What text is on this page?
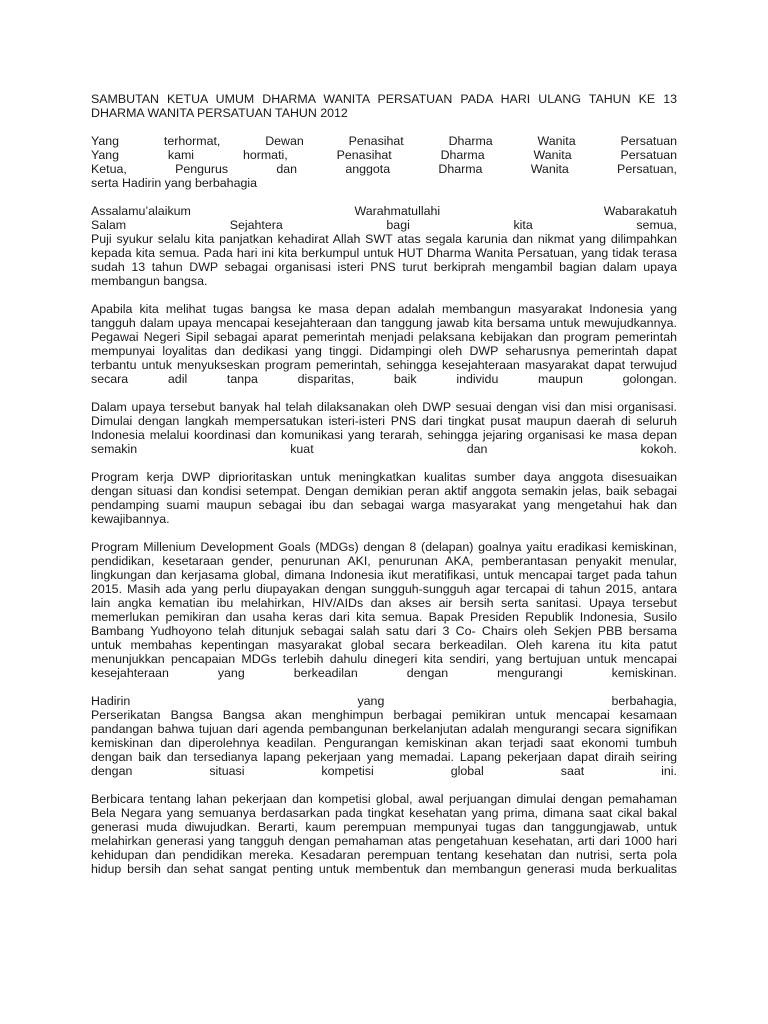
SAMBUTAN KETUA UMUM DHARMA WANITA PERSATUAN PADA HARI ULANG TAHUN KE 13
DHARMA WANITA PERSATUAN TAHUN 2012
Yang terhormat, Dewan Penasihat Dharma Wanita Persatuan
Yang kami hormati, Penasihat Dharma Wanita Persatuan
Ketua, Pengurus dan anggota Dharma Wanita Persatuan,
serta Hadirin yang berbahagia
Assalamu’alaikum Warahmatullahi Wabarakatuh
Salam Sejahtera bagi kita semua,
Puji syukur selalu kita panjatkan kehadirat Allah SWT atas segala karunia dan nikmat yang dilimpahkan
kepada kita semua. Pada hari ini kita berkumpul untuk HUT Dharma Wanita Persatuan, yang tidak terasa
sudah 13 tahun DWP sebagai organisasi isteri PNS turut berkiprah mengambil bagian dalam upaya
membangun bangsa.
Apabila kita melihat tugas bangsa ke masa depan adalah membangun masyarakat Indonesia yang
tangguh dalam upaya mencapai kesejahteraan dan tanggung jawab kita bersama untuk mewujudkannya.
Pegawai Negeri Sipil sebagai aparat pemerintah menjadi pelaksana kebijakan dan program pemerintah
mempunyai loyalitas dan dedikasi yang tinggi. Didampingi oleh DWP seharusnya pemerintah dapat
terbantu untuk menyukseskan program pemerintah, sehingga kesejahteraan masyarakat dapat terwujud
secara adil tanpa disparitas, baik individu maupun golongan.
Dalam upaya tersebut banyak hal telah dilaksanakan oleh DWP sesuai dengan visi dan misi organisasi.
Dimulai dengan langkah mempersatukan isteri-isteri PNS dari tingkat pusat maupun daerah di seluruh
Indonesia melalui koordinasi dan komunikasi yang terarah, sehingga jejaring organisasi ke masa depan
semakin kuat dan kokoh.
Program kerja DWP diprioritaskan untuk meningkatkan kualitas sumber daya anggota disesuaikan
dengan situasi dan kondisi setempat. Dengan demikian peran aktif anggota semakin jelas, baik sebagai
pendamping suami maupun sebagai ibu dan sebagai warga masyarakat yang mengetahui hak dan
kewajibannya.
Program Millenium Development Goals (MDGs) dengan 8 (delapan) goalnya yaitu eradikasi kemiskinan,
pendidikan, kesetaraan gender, penurunan AKI, penurunan AKA, pemberantasan penyakit menular,
lingkungan dan kerjasama global, dimana Indonesia ikut meratifikasi, untuk mencapai target pada tahun
2015. Masih ada yang perlu diupayakan dengan sungguh-sungguh agar tercapai di tahun 2015, antara
lain angka kematian ibu melahirkan, HIV/AIDs dan akses air bersih serta sanitasi. Upaya tersebut
memerlukan pemikiran dan usaha keras dari kita semua. Bapak Presiden Republik Indonesia, Susilo
Bambang Yudhoyono telah ditunjuk sebagai salah satu dari 3 Co- Chairs oleh Sekjen PBB bersama
untuk membahas kepentingan masyarakat global secara berkeadilan. Oleh karena itu kita patut
menunjukkan pencapaian MDGs terlebih dahulu dinegeri kita sendiri, yang bertujuan untuk mencapai
kesejahteraan yang berkeadilan dengan mengurangi kemiskinan.
Hadirin yang berbahagia,
Perserikatan Bangsa Bangsa akan menghimpun berbagai pemikiran untuk mencapai kesamaan
pandangan bahwa tujuan dari agenda pembangunan berkelanjutan adalah mengurangi secara signifikan
kemiskinan dan diperolehnya keadilan. Pengurangan kemiskinan akan terjadi saat ekonomi tumbuh
dengan baik dan tersedianya lapang pekerjaan yang memadai. Lapang pekerjaan dapat diraih seiring
dengan situasi kompetisi global saat ini.
Berbicara tentang lahan pekerjaan dan kompetisi global, awal perjuangan dimulai dengan pemahaman
Bela Negara yang semuanya berdasarkan pada tingkat kesehatan yang prima, dimana saat cikal bakal
generasi muda diwujudkan. Berarti, kaum perempuan mempunyai tugas dan tanggungjawab, untuk
melahirkan generasi yang tangguh dengan pemahaman atas pengetahuan kesehatan, arti dari 1000 hari
kehidupan dan pendidikan mereka. Kesadaran perempuan tentang kesehatan dan nutrisi, serta pola
hidup bersih dan sehat sangat penting untuk membentuk dan membangun generasi muda berkualitas
